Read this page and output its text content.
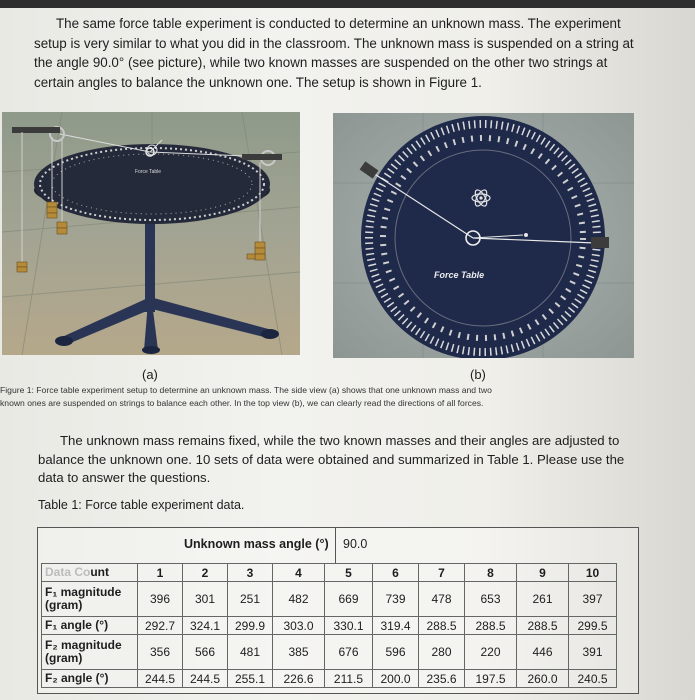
The same force table experiment is conducted to determine an unknown mass. The experiment
setup is very similar to what you did in the classroom. The unknown mass is suspended on a string at
the angle 90.0° (see picture), while two known masses are suspended on the other two strings at
certain angles to balance the unknown one. The setup is shown in Figure 1.

Force Table
Force Table
(a)	(b)

Figure 1: Force table experiment setup to determine an unknown mass. The side view (a) shows that one unknown mass and two
known ones are suspended on strings to balance each other. In the top view (b), we can clearly read the directions of all forces.

The unknown mass remains fixed, while the two known masses and their angles are adjusted to
balance the unknown one. 10 sets of data were obtained and summarized in Table 1. Please use the
data to answer the questions.

Table 1: Force table experiment data.
Unknown mass angle (°) 90.0
Data Count	1	2	3	4	5	6	7	8	9	10
F₁ magnitude
(gram)	396	301	251	482	669	739	478	653	261	397
F₁ angle (°)	292.7	324.1	299.9	303.0	330.1	319.4	288.5	288.5	288.5	299.5
F₂ magnitude
(gram)	356	566	481	385	676	596	280	220	446	391
F₂ angle (°)	244.5	244.5	255.1	226.6	211.5	200.0	235.6	197.5	260.0	240.5
